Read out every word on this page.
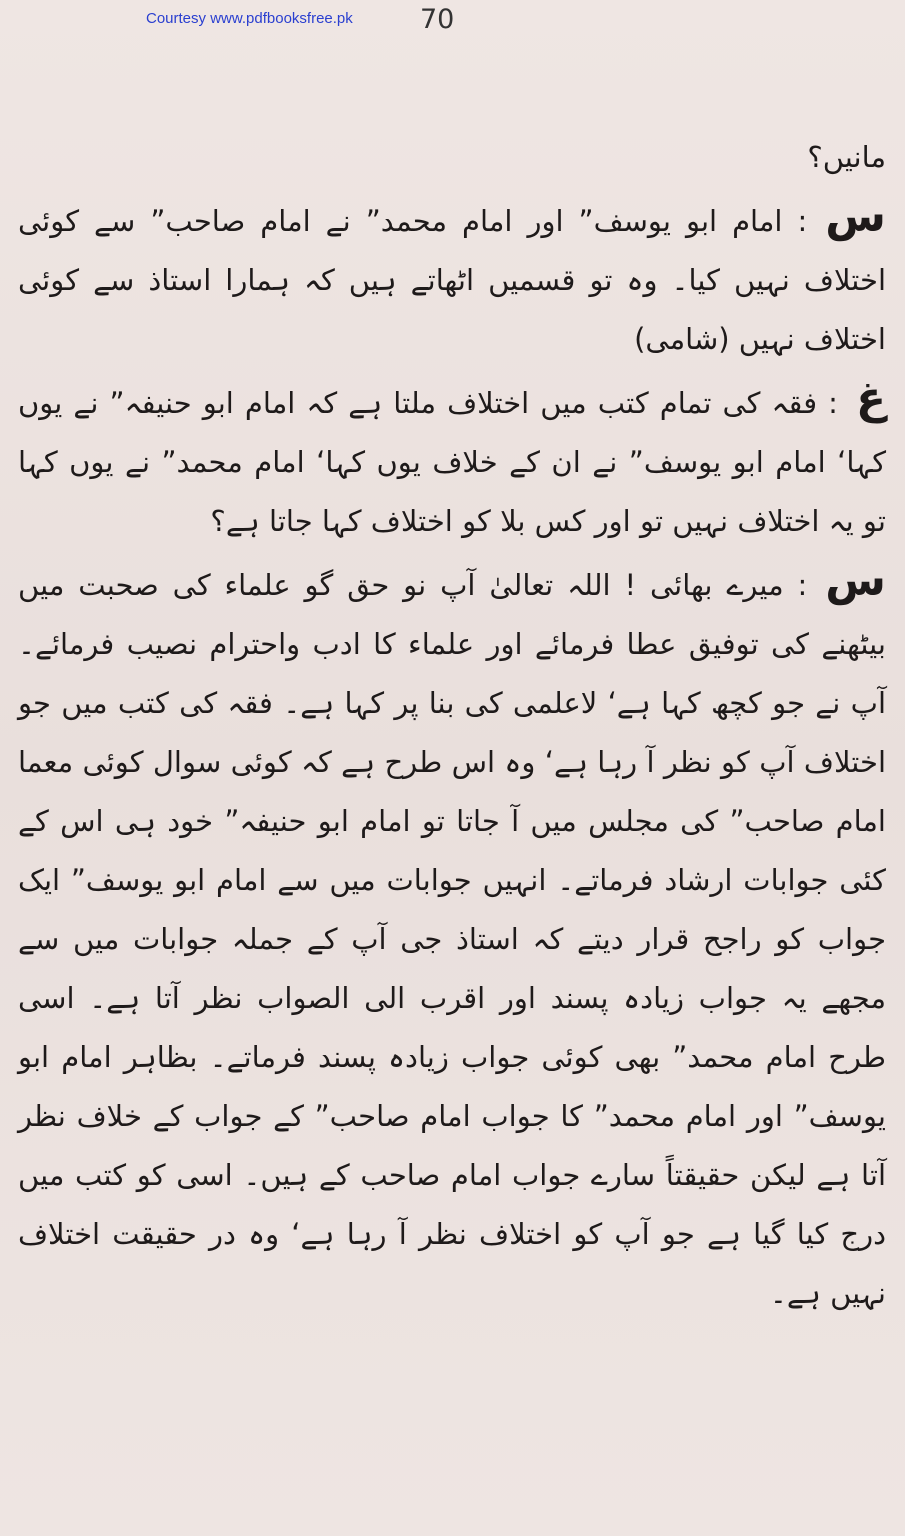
Courtesy www.pdfbooksfree.pk 70

مانیں؟

س: امام ابو یوسف” اور امام محمد” نے امام صاحب” سے کوئی اختلاف نہیں کیا۔ وہ تو قسمیں اٹھاتے ہیں کہ ہمارا استاذ سے کوئی اختلاف نہیں (شامی)

غ: فقہ کی تمام کتب میں اختلاف ملتا ہے کہ امام ابو حنیفہ” نے یوں کہا‘ امام ابو یوسف” نے ان کے خلاف یوں کہا‘ امام محمد” نے یوں کہا تو یہ اختلاف نہیں تو اور کس بلا کو اختلاف کہا جاتا ہے؟

س: میرے بھائی ! اللہ تعالیٰ آپ نو حق گو علماء کی صحبت میں بیٹھنے کی توفیق عطا فرمائے اور علماء کا ادب واحترام نصیب فرمائے۔ آپ نے جو کچھ کہا ہے‘ لاعلمی کی بنا پر کہا ہے۔ فقہ کی کتب میں جو اختلاف آپ کو نظر آ رہا ہے‘ وہ اس طرح ہے کہ کوئی سوال کوئی معما امام صاحب” کی مجلس میں آ جاتا تو امام ابو حنیفہ” خود ہی اس کے کئی جوابات ارشاد فرماتے۔ انہیں جوابات میں سے امام ابو یوسف” ایک جواب کو راجح قرار دیتے کہ استاذ جی آپ کے جملہ جوابات میں سے مجھے یہ جواب زیادہ پسند اور اقرب الی الصواب نظر آتا ہے۔ اسی طرح امام محمد” بھی کوئی جواب زیادہ پسند فرماتے۔ بظاہر امام ابو یوسف” اور امام محمد” کا جواب امام صاحب” کے جواب کے خلاف نظر آتا ہے لیکن حقیقتاً سارے جواب امام صاحب کے ہیں۔ اسی کو کتب میں درج کیا گیا ہے جو آپ کو اختلاف نظر آ رہا ہے‘ وہ در حقیقت اختلاف نہیں ہے۔
